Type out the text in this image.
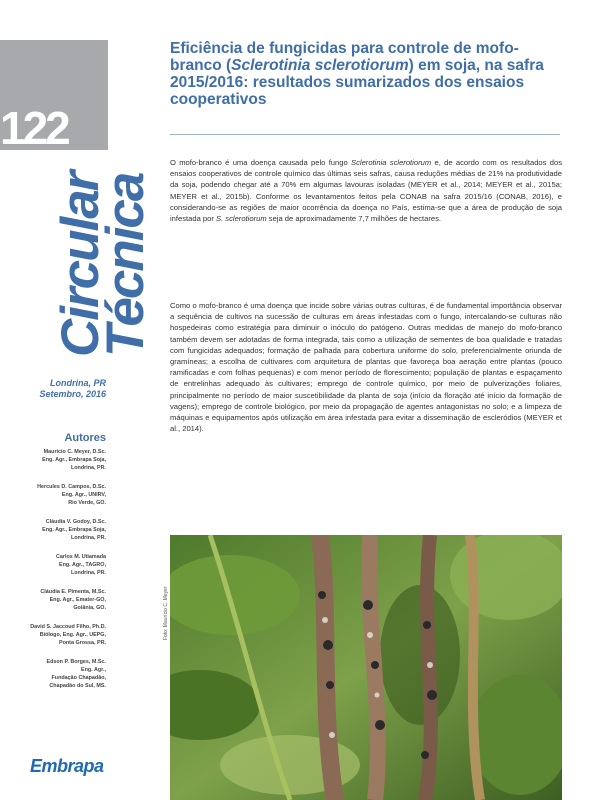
122
Circular
Técnica
Londrina, PR
Setembro, 2016
Autores
Maurício C. Meyer, D.Sc.
Eng. Agr., Embrapa Soja,
Londrina, PR.
Hercules D. Campos, D.Sc.
Eng. Agr., UNIRV,
Rio Verde, GO.
Cláudia V. Godoy, D.Sc.
Eng. Agr., Embrapa Soja,
Londrina, PR.
Carlos M. Utiamada
Eng. Agr., TAGRO,
Londrina, PR.
Cláudia E. Pimenta, M.Sc.
Eng. Agr., Emater-GO,
Goiânia, GO.
David S. Jaccoud Filho, Ph.D.
Biólogo, Eng. Agr., UEPG,
Ponta Grossa, PR.
Edson P. Borges, M.Sc.
Eng. Agr.,
Fundação Chapadão,
Chapadão do Sul, MS.
Embrapa
Eficiência de fungicidas para controle de mofo-branco (Sclerotinia sclerotiorum) em soja, na safra 2015/2016: resultados sumarizados dos ensaios cooperativos
O mofo-branco é uma doença causada pelo fungo Sclerotinia sclerotiorum e, de acordo com os resultados dos ensaios cooperativos de controle químico das últimas seis safras, causa reduções médias de 21% na produtividade da soja, podendo chegar até a 70% em algumas lavouras isoladas (MEYER et al., 2014; MEYER et al., 2015a; MEYER et al., 2015b). Conforme os levantamentos feitos pela CONAB na safra 2015/16 (CONAB, 2016), e considerando-se as regiões de maior ocorrência da doença no País, estima-se que a área de produção de soja infestada por S. sclerotiorum seja de aproximadamente 7,7 milhões de hectares.
Como o mofo-branco é uma doença que incide sobre várias outras culturas, é de fundamental importância observar a sequência de cultivos na sucessão de culturas em áreas infestadas com o fungo, intercalando-se culturas não hospedeiras como estratégia para diminuir o inóculo do patógeno. Outras medidas de manejo do mofo-branco também devem ser adotadas de forma integrada, tais como a utilização de sementes de boa qualidade e tratadas com fungicidas adequados; formação de palhada para cobertura uniforme do solo, preferencialmente oriunda de gramíneas; a escolha de cultivares com arquitetura de plantas que favoreça boa aeração entre plantas (pouco ramificadas e com folhas pequenas) e com menor período de florescimento; população de plantas e espaçamento de entrelinhas adequado às cultivares; emprego de controle químico, por meio de pulverizações foliares, principalmente no período de maior suscetibilidade da planta de soja (início da floração até início da formação de vagens); emprego de controle biológico, por meio da propagação de agentes antagonistas no solo; e a limpeza de máquinas e equipamentos após utilização em área infestada para evitar a disseminação de escleródios (MEYER et al., 2014).
Foto: Maurício C. Meyer
